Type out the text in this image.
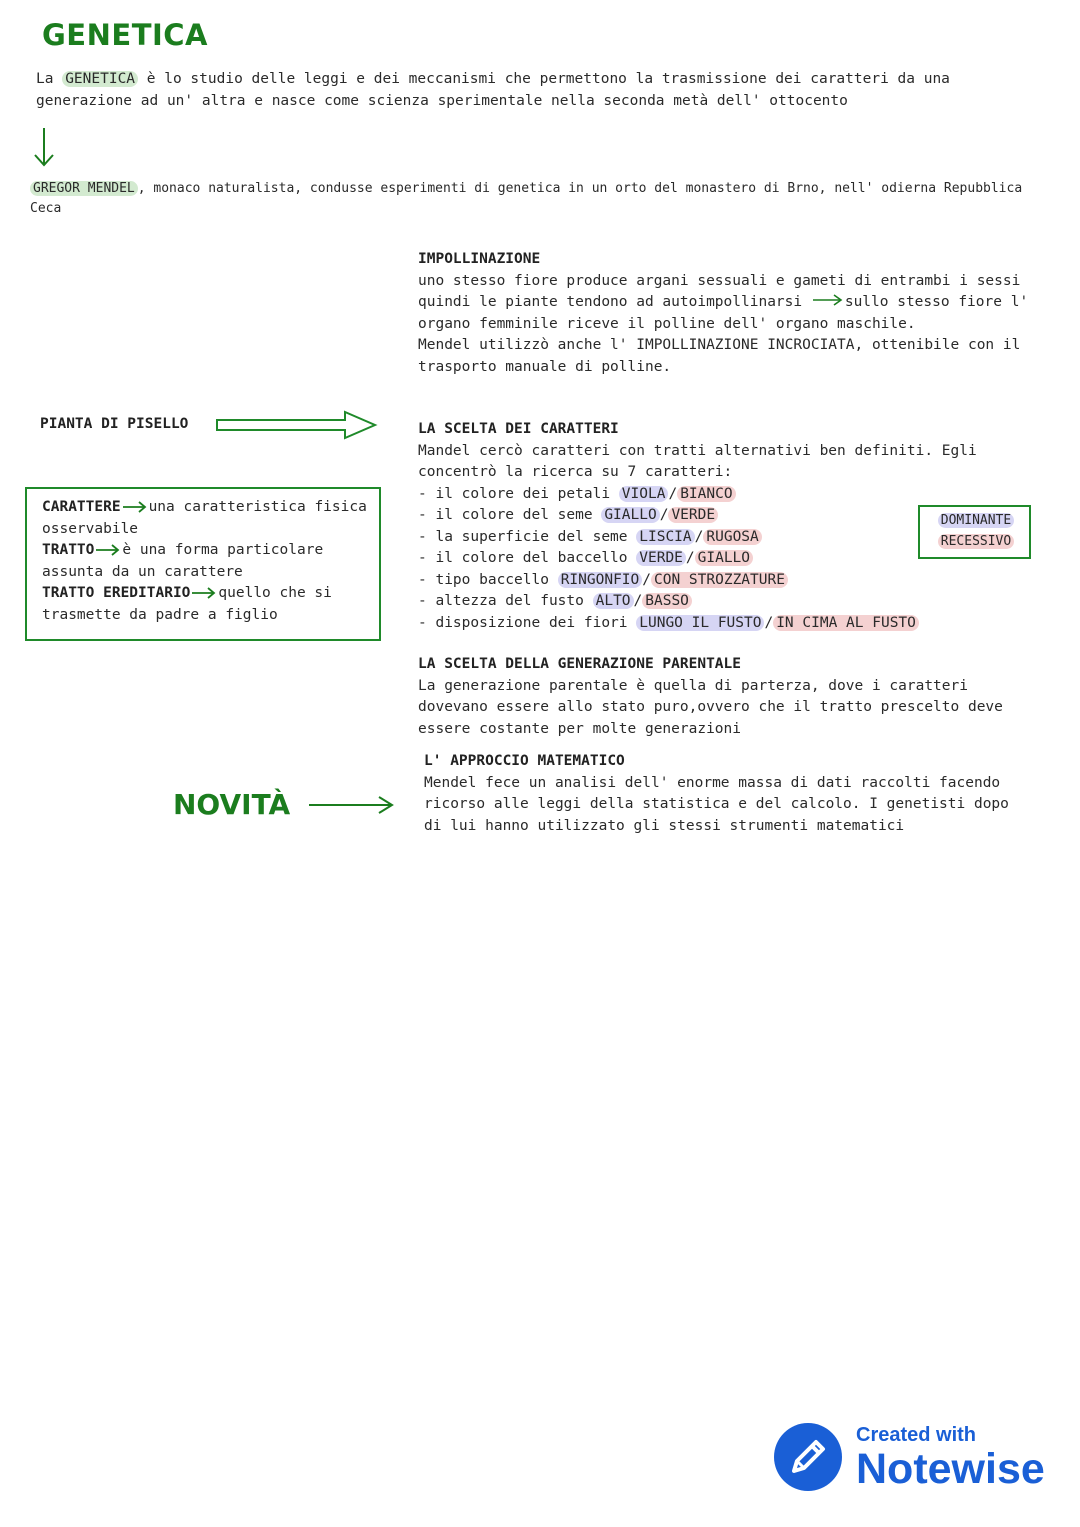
GENETICA
La GENETICA è lo studio delle leggi e dei meccanismi che permettono la trasmissione dei caratteri da una generazione ad un' altra e nasce come scienza sperimentale nella seconda metà dell' ottocento
GREGOR MENDEL , monaco naturalista, condusse esperimenti di genetica in un orto del monastero di Brno, nell' odierna Repubblica Ceca
IMPOLLINAZIONE
uno stesso fiore produce argani sessuali e gameti di entrambi i sessi quindi le piante tendono ad autoimpollinarsi sullo stesso fiore l' organo femminile riceve il polline dell' organo maschile.
Mendel utilizzò anche l' IMPOLLINAZIONE INCROCIATA, ottenibile con il trasporto manuale di polline.
PIANTA DI PISELLO
CARATTERE una caratteristica fisica osservabile
TRATTO è una forma particolare assunta da un carattere
TRATTO EREDITARIO quello che si trasmette da padre a figlio
LA SCELTA DEI CARATTERI
Mandel cercò caratteri con tratti alternativi ben definiti. Egli concentrò la ricerca su 7 caratteri:
- il colore dei petali VIOLA / BIANCO
- il colore del seme GIALLO / VERDE
- la superficie del seme LISCIA / RUGOSA
- il colore del baccello VERDE / GIALLO
- tipo baccello RINGONFIO / CON STROZZATURE
- altezza del fusto ALTO / BASSO
- disposizione dei fiori LUNGO IL FUSTO / IN CIMA AL FUSTO
DOMINANTE
RECESSIVO
LA SCELTA DELLA GENERAZIONE PARENTALE
La generazione parentale è quella di parterza, dove i caratteri dovevano essere allo stato puro,ovvero che il tratto prescelto deve essere costante per molte generazioni
L' APPROCCIO MATEMATICO
Mendel fece un analisi dell' enorme massa di dati raccolti facendo ricorso alle leggi della statistica e del calcolo. I genetisti dopo di lui hanno utilizzato gli stessi strumenti matematici
NOVITÀ
Created with
Notewise
